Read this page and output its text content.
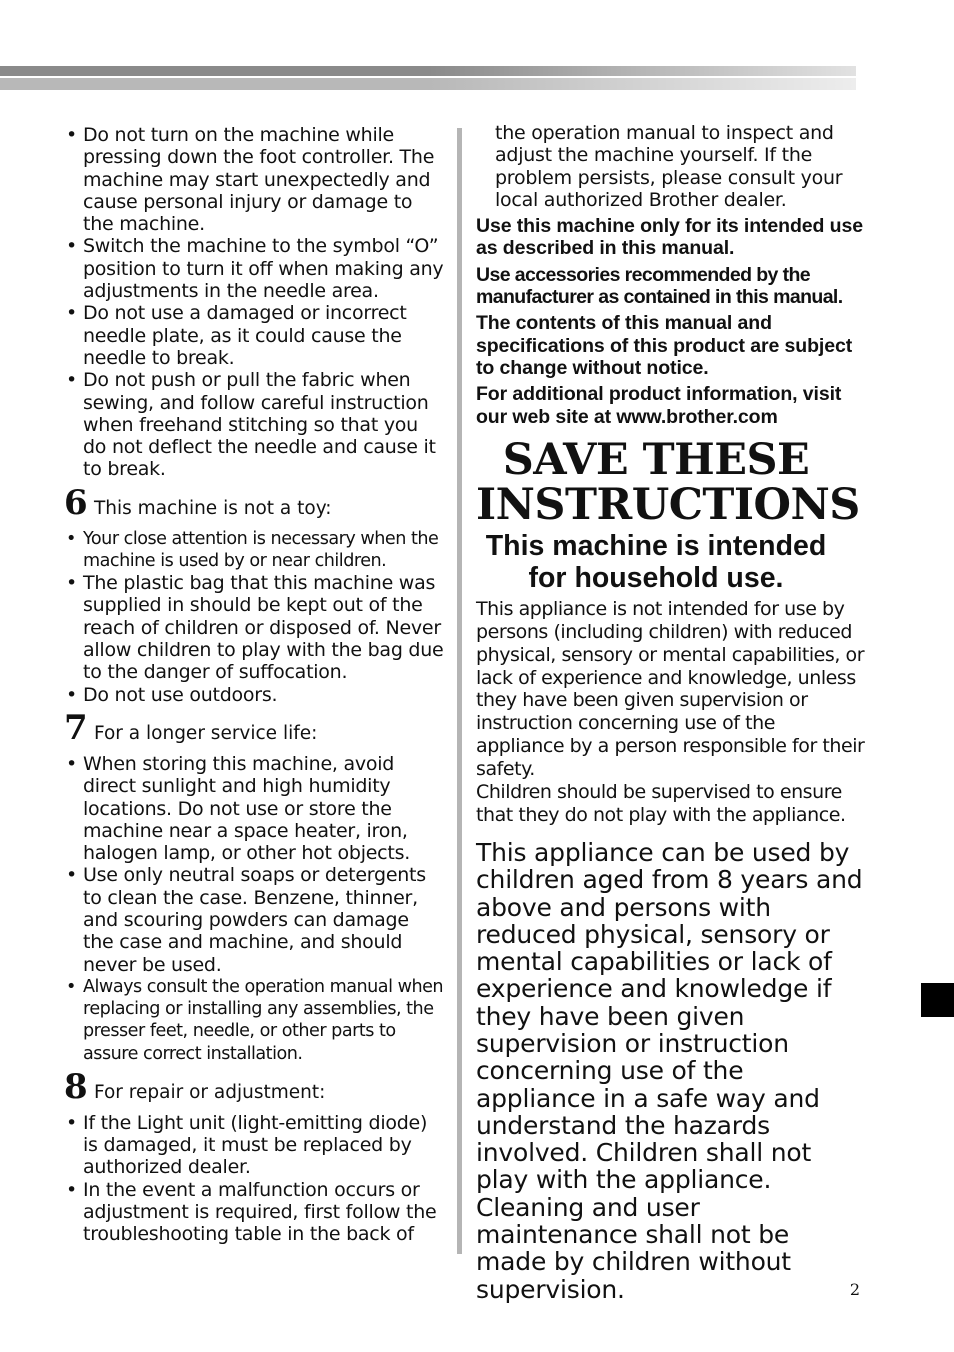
• Do not turn on the machine while pressing down the foot controller. The machine may start unexpectedly and cause personal injury or damage to the machine.
• Switch the machine to the symbol “O” position to turn it off when making any adjustments in the needle area.
• Do not use a damaged or incorrect needle plate, as it could cause the needle to break.
• Do not push or pull the fabric when sewing, and follow careful instruction when freehand stitching so that you do not deflect the needle and cause it to break.
6 This machine is not a toy:
• Your close attention is necessary when the machine is used by or near children.
• The plastic bag that this machine was supplied in should be kept out of the reach of children or disposed of. Never allow children to play with the bag due to the danger of suffocation.
• Do not use outdoors.
7 For a longer service life:
• When storing this machine, avoid direct sunlight and high humidity locations. Do not use or store the machine near a space heater, iron, halogen lamp, or other hot objects.
• Use only neutral soaps or detergents to clean the case. Benzene, thinner, and scouring powders can damage the case and machine, and should never be used.
• Always consult the operation manual when replacing or installing any assemblies, the presser feet, needle, or other parts to assure correct installation.
8 For repair or adjustment:
• If the Light unit (light-emitting diode) is damaged, it must be replaced by authorized dealer.
• In the event a malfunction occurs or adjustment is required, first follow the troubleshooting table in the back of
the operation manual to inspect and adjust the machine yourself. If the problem persists, please consult your local authorized Brother dealer.
Use this machine only for its intended use as described in this manual.
Use accessories recommended by the manufacturer as contained in this manual.
The contents of this manual and specifications of this product are subject to change without notice.
For additional product information, visit our web site at www.brother.com
SAVE THESE
INSTRUCTIONS
This machine is intended
for household use.

This appliance is not intended for use by persons (including children) with reduced physical, sensory or mental capabilities, or lack of experience and knowledge, unless they have been given supervision or instruction concerning use of the appliance by a person responsible for their safety.

Children should be supervised to ensure that they do not play with the appliance.

This appliance can be used by children aged from 8 years and above and persons with reduced physical, sensory or mental capabilities or lack of experience and knowledge if they have been given supervision or instruction concerning use of the appliance in a safe way and understand the hazards involved. Children shall not play with the appliance. Cleaning and user maintenance shall not be made by children without supervision.	2
